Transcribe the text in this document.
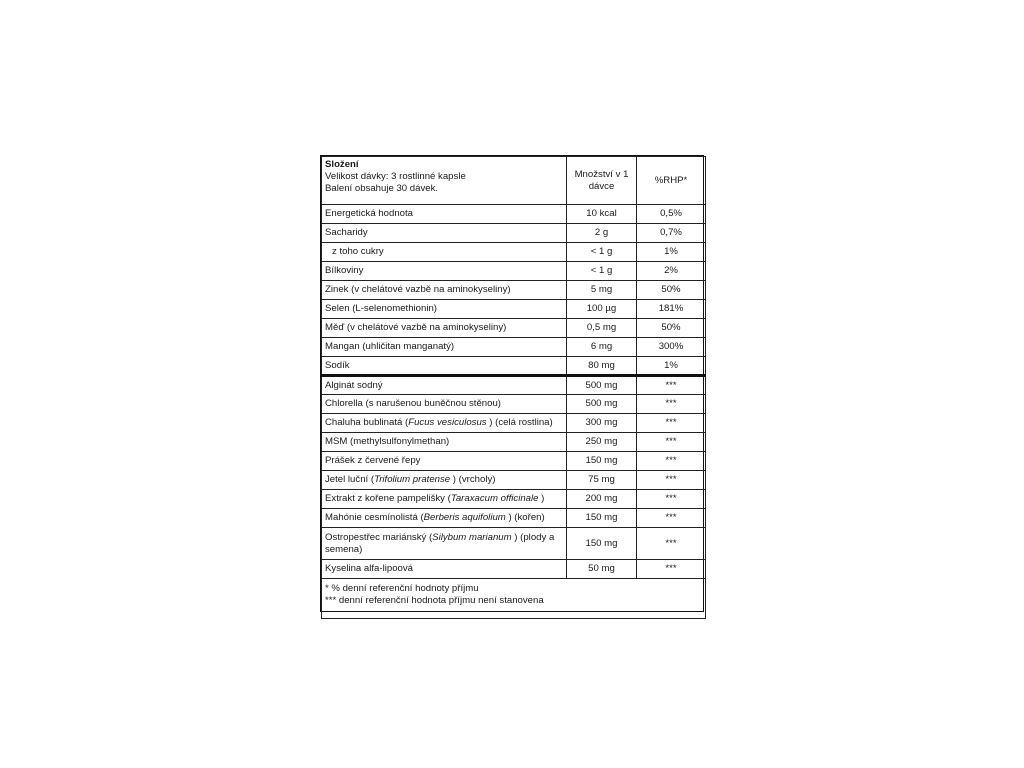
Složení
Velikost dávky: 3 rostlinné kapsle
Balení obsahuje 30 dávek.	Množství v 1 dávce	%RHP*
Energetická hodnota	10 kcal	0,5%
Sacharidy	2 g	0,7%
z toho cukry	< 1 g	1%
Bílkoviny	< 1 g	2%
Zinek (v chelátové vazbě na aminokyseliny)	5 mg	50%
Selen (L-selenomethionin)	100 µg	181%
Měď (v chelátové vazbě na aminokyseliny)	0,5 mg	50%
Mangan (uhličitan manganatý)	6 mg	300%
Sodík	80 mg	1%
Alginát sodný	500 mg	***
Chlorella (s narušenou buněčnou stěnou)	500 mg	***
Chaluha bublinatá (Fucus vesiculosus ) (celá rostlina)	300 mg	***
MSM (methylsulfonylmethan)	250 mg	***
Prášek z červené řepy	150 mg	***
Jetel luční (Trifolium pratense ) (vrcholy)	75 mg	***
Extrakt z kořene pampelišky (Taraxacum officinale )	200 mg	***
Mahónie cesmínolistá (Berberis aquifolium ) (kořen)	150 mg	***
Ostropestřec mariánský (Silybum marianum ) (plody a semena)	150 mg	***
Kyselina alfa-lipoová	50 mg	***

* % denní referenční hodnoty příjmu
*** denní referenční hodnota příjmu není stanovena		
